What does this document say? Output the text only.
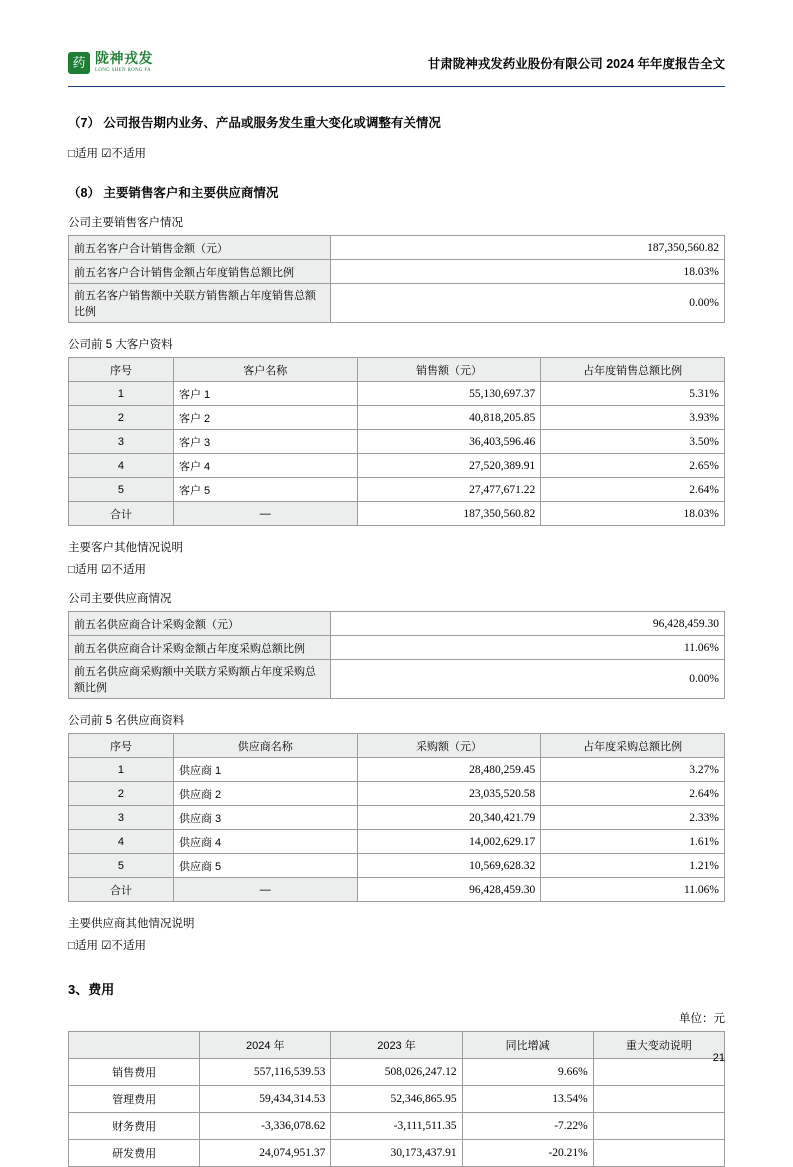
药 陇神戎发
LONG SHEN RONG FA	甘肃陇神戎发药业股份有限公司 2024 年年度报告全文
（7） 公司报告期内业务、产品或服务发生重大变化或调整有关情况
□适用 ☑不适用
（8） 主要销售客户和主要供应商情况
公司主要销售客户情况
前五名客户合计销售金额（元）	187,350,560.82
前五名客户合计销售金额占年度销售总额比例	18.03%
前五名客户销售额中关联方销售额占年度销售总额比例	0.00%
公司前 5 大客户资料
序号	客户名称	销售额（元）	占年度销售总额比例
1	客户 1	55,130,697.37	5.31%
2	客户 2	40,818,205.85	3.93%
3	客户 3	36,403,596.46	3.50%
4	客户 4	27,520,389.91	2.65%
5	客户 5	27,477,671.22	2.64%
合计	—	187,350,560.82	18.03%
主要客户其他情况说明
□适用 ☑不适用
公司主要供应商情况
前五名供应商合计采购金额（元）	96,428,459.30
前五名供应商合计采购金额占年度采购总额比例	11.06%
前五名供应商采购额中关联方采购额占年度采购总额比例	0.00%
公司前 5 名供应商资料
序号	供应商名称	采购额（元）	占年度采购总额比例
1	供应商 1	28,480,259.45	3.27%
2	供应商 2	23,035,520.58	2.64%
3	供应商 3	20,340,421.79	2.33%
4	供应商 4	14,002,629.17	1.61%
5	供应商 5	10,569,628.32	1.21%
合计	—	96,428,459.30	11.06%
主要供应商其他情况说明
□适用 ☑不适用
3、费用
单位：元
	2024 年	2023 年	同比增减	重大变动说明
销售费用	557,116,539.53	508,026,247.12	9.66%	
管理费用	59,434,314.53	52,346,865.95	13.54%	
财务费用	-3,336,078.62	-3,111,511.35	-7.22%	
研发费用	24,074,951.37	30,173,437.91	-20.21%	
21
